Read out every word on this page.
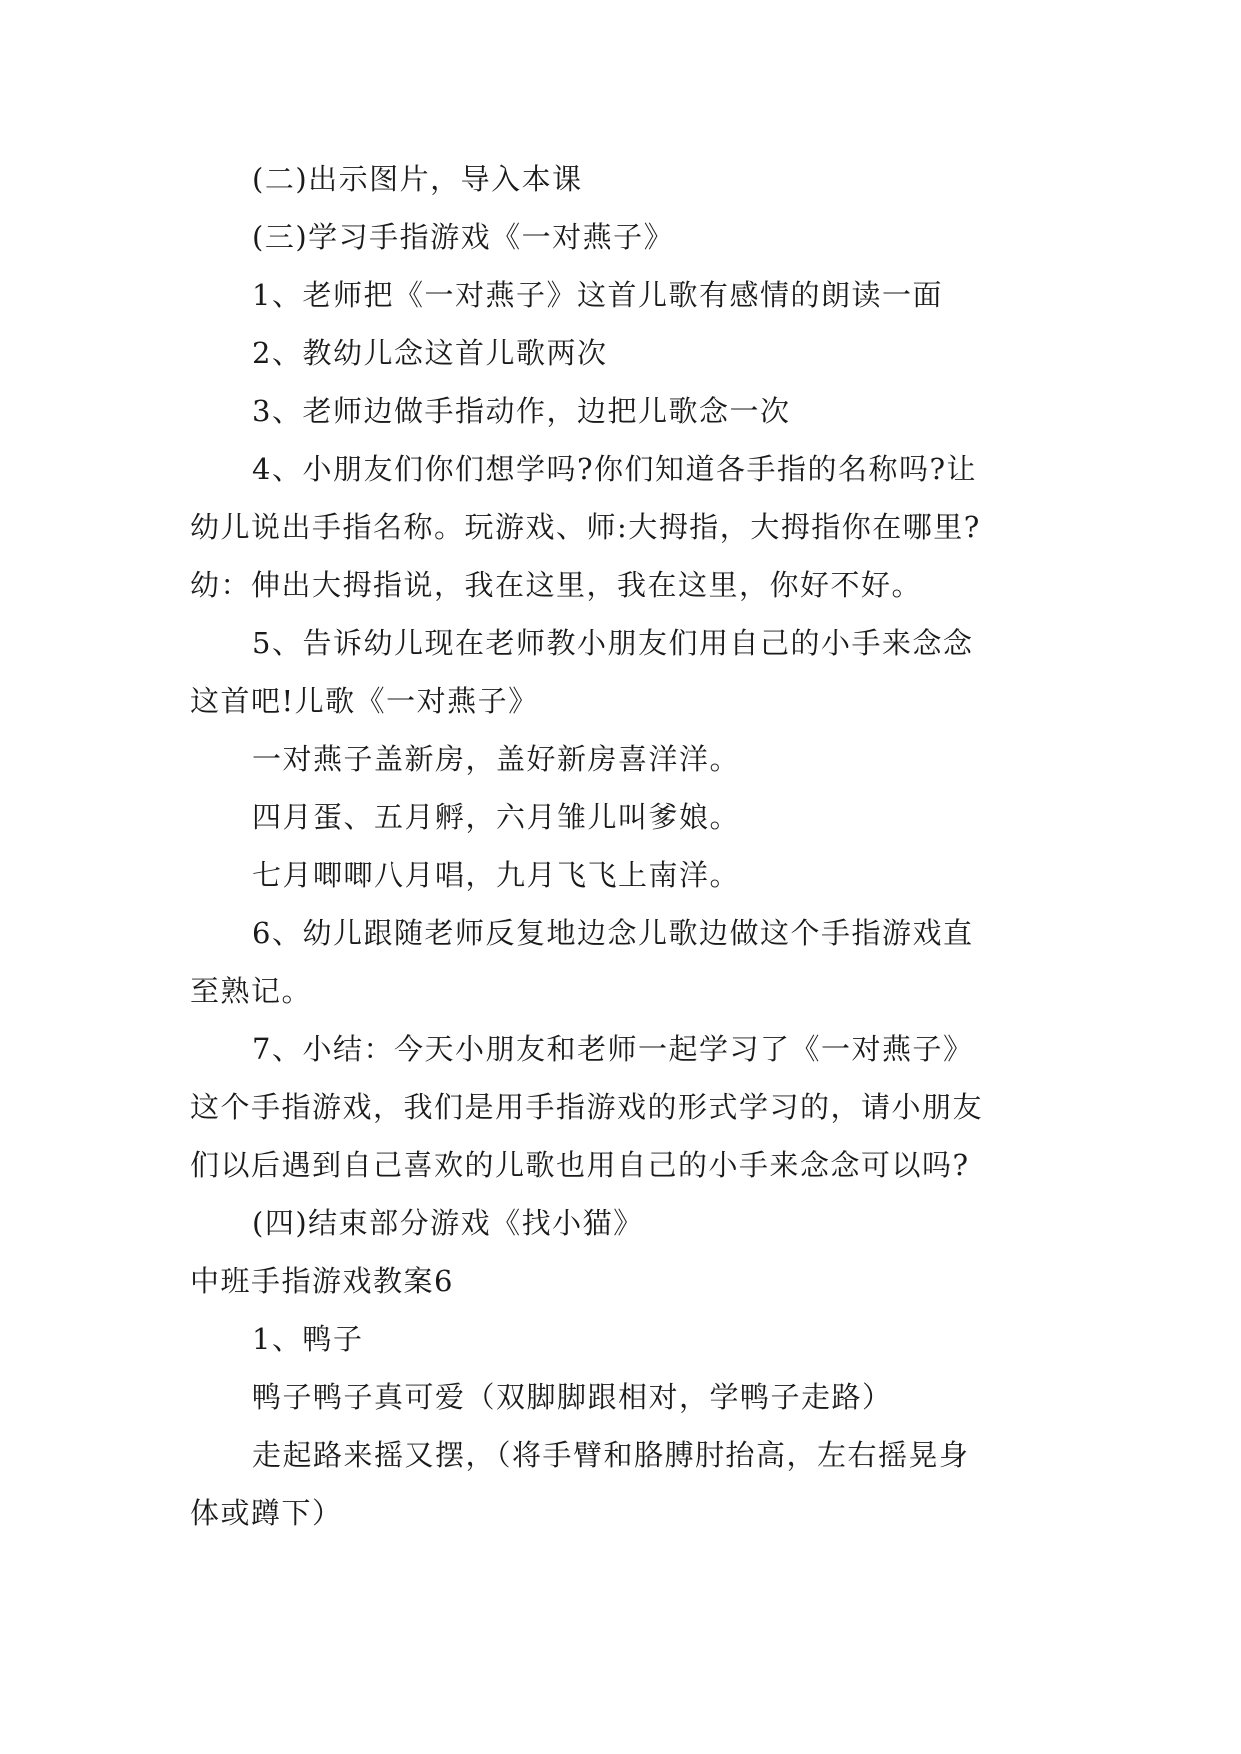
(二)出示图片，导入本课
(三)学习手指游戏《一对燕子》
1、老师把《一对燕子》这首儿歌有感情的朗读一面
2、教幼儿念这首儿歌两次
3、老师边做手指动作，边把儿歌念一次
4、小朋友们你们想学吗?你们知道各手指的名称吗?让
幼儿说出手指名称。玩游戏、师:大拇指，大拇指你在哪里?
幼：伸出大拇指说，我在这里，我在这里，你好不好。
5、告诉幼儿现在老师教小朋友们用自己的小手来念念
这首吧!儿歌《一对燕子》
一对燕子盖新房，盖好新房喜洋洋。
四月蛋、五月孵，六月雏儿叫爹娘。
七月唧唧八月唱，九月飞飞上南洋。
6、幼儿跟随老师反复地边念儿歌边做这个手指游戏直
至熟记。
7、小结：今天小朋友和老师一起学习了《一对燕子》
这个手指游戏，我们是用手指游戏的形式学习的，请小朋友
们以后遇到自己喜欢的儿歌也用自己的小手来念念可以吗?
(四)结束部分游戏《找小猫》
中班手指游戏教案6
1、鸭子
鸭子鸭子真可爱（双脚脚跟相对，学鸭子走路）
走起路来摇又摆，（将手臂和胳膊肘抬高，左右摇晃身
体或蹲下）
